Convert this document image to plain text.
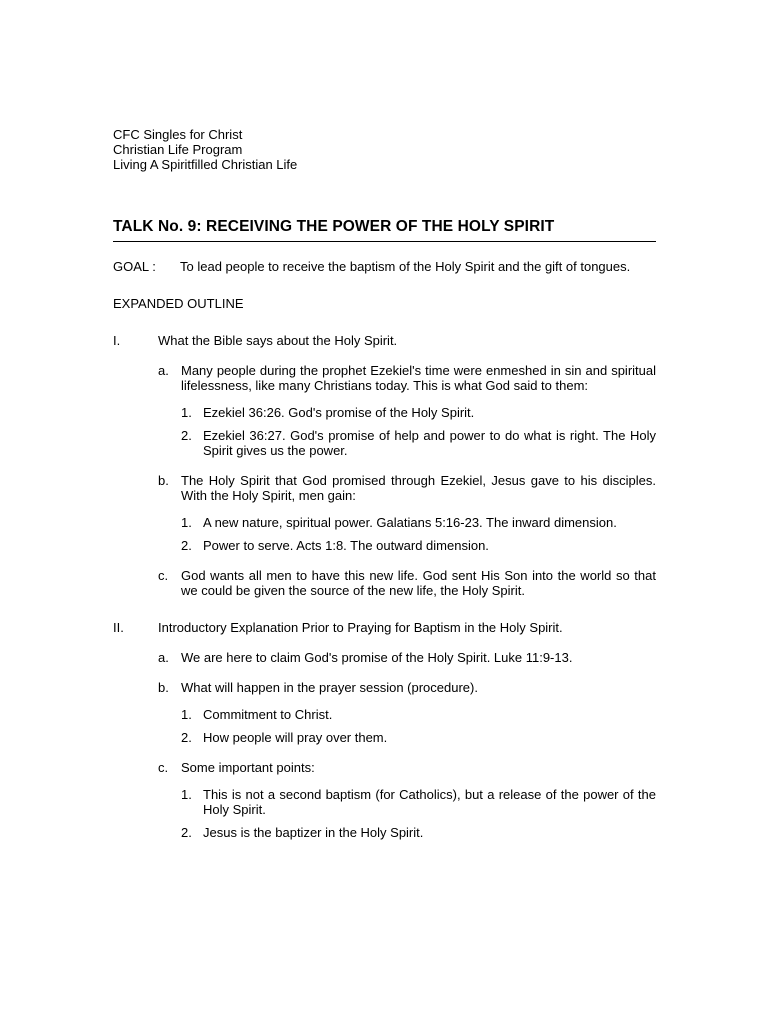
CFC Singles for Christ
Christian Life Program
Living A Spiritfilled Christian Life
TALK No. 9: RECEIVING THE POWER OF THE HOLY SPIRIT
GOAL :	To lead people to receive the baptism of the Holy Spirit and the gift of tongues.
EXPANDED OUTLINE
I.	What the Bible says about the Holy Spirit.
a. Many people during the prophet Ezekiel's time were enmeshed in sin and spiritual lifelessness, like many Christians today. This is what God said to them:
1. Ezekiel 36:26. God's promise of the Holy Spirit.
2. Ezekiel 36:27. God's promise of help and power to do what is right. The Holy Spirit gives us the power.
b. The Holy Spirit that God promised through Ezekiel, Jesus gave to his disciples. With the Holy Spirit, men gain:
1. A new nature, spiritual power. Galatians 5:16-23. The inward dimension.
2. Power to serve. Acts 1:8. The outward dimension.
c. God wants all men to have this new life. God sent His Son into the world so that we could be given the source of the new life, the Holy Spirit.
II.	Introductory Explanation Prior to Praying for Baptism in the Holy Spirit.
a. We are here to claim God's promise of the Holy Spirit. Luke 11:9-13.
b. What will happen in the prayer session (procedure).
1. Commitment to Christ.
2. How people will pray over them.
c. Some important points:
1. This is not a second baptism (for Catholics), but a release of the power of the Holy Spirit.
2. Jesus is the baptizer in the Holy Spirit.
